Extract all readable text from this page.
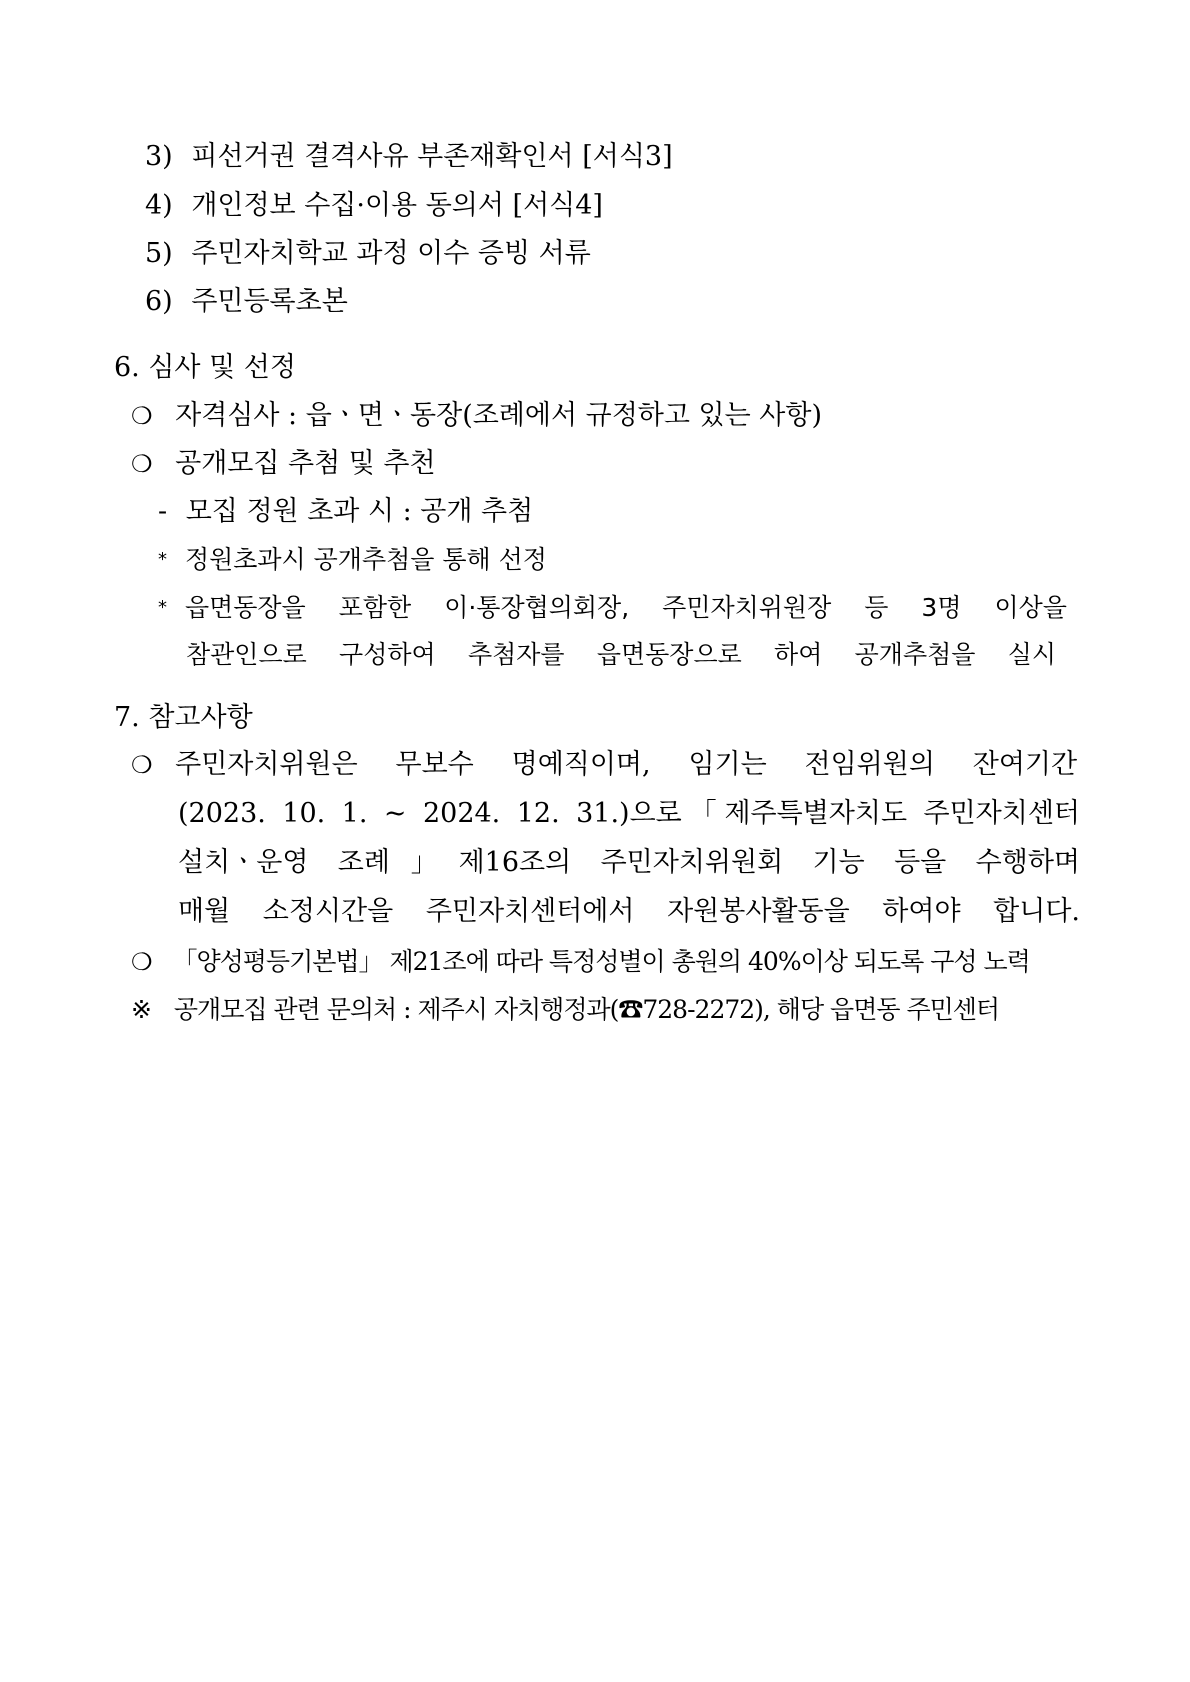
3) 피선거권 결격사유 부존재확인서 [서식3]
4) 개인정보 수집·이용 동의서 [서식4]
5) 주민자치학교 과정 이수 증빙 서류
6) 주민등록초본
6. 심사 및 선정
❍ 자격심사 : 읍ㆍ면ㆍ동장(조례에서 규정하고 있는 사항)
❍ 공개모집 추첨 및 추천
- 모집 정원 초과 시 : 공개 추첨
* 정원초과시 공개추첨을 통해 선정
* 읍면동장을 포함한 이·통장협의회장, 주민자치위원장 등 3명 이상을
참관인으로 구성하여 추첨자를 읍면동장으로 하여 공개추첨을 실시
7. 참고사항
❍ 주민자치위원은 무보수 명예직이며, 임기는 전임위원의 잔여기간
(2023. 10. 1. ~ 2024. 12. 31.)으로「제주특별자치도 주민자치센터
설치ㆍ운영 조례」제16조의 주민자치위원회 기능 등을 수행하며
매월 소정시간을 주민자치센터에서 자원봉사활동을 하여야 합니다.
❍ 「양성평등기본법」 제21조에 따라 특정성별이 총원의 40%이상 되도록 구성 노력
※ 공개모집 관련 문의처 : 제주시 자치행정과(☎728-2272), 해당 읍면동 주민센터
